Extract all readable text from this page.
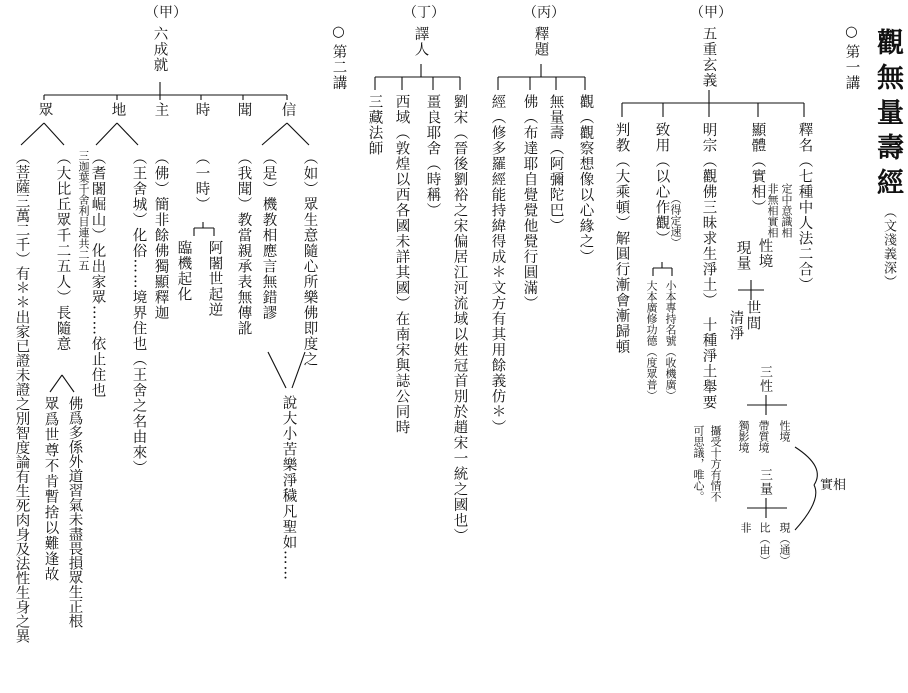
觀無量壽經
（文淺義深）
○
第一講
（甲）
五重玄義
釋名（七種中人法二合）
顯體（實相） 定中意識相
非無相實相
性境
現量
清淨 世間
明宗（觀佛三昧求生淨土）
十種淨土舉要
致用（以心作觀） （得定速）
小本專持名號（收機廣）
大本廣修功德（度眾普）
判教（大乘頓）解圓行漸會漸歸頓
三性
性境
帶質境
獨影境
三量
現（通）
比（由）
非
實相
攝受十方有情不
可思議，唯心。
（丙）
釋題
觀（觀察想像以心緣之）
無量壽（阿彌陀巴）
佛（布達耶自覺覺他覺行圓滿）
經（修多羅經能持緯得成＊文方有其用餘義仿＊）
（丁）
譯人
劉宋（晉後劉裕之宋偏居江河流域以姓冠首別於趙宋一統之國也）
畺良耶舍（時稱）
西域（敦煌以西各國未詳其國）在南宋與誌公同時
三藏法師
○
第二講
（甲）
六成就
信
（如）眾生意隨心所樂佛即度之
（是）機教相應言無錯謬
說大小苦樂淨穢凡聖如……
聞
（我聞）教當親承表無傳訛
時
（一時）
阿闍世起逆
臨機起化
主
（佛）簡非餘佛獨顯釋迦
地
（王舍城）化俗……境界住也（王舍之名由來）
（耆闍崛山）化出家眾……依止住也
眾
（大比丘眾千二五人）長隨意 三迦葉千舍利目連共二五
（菩薩三萬二千）有＊＊出家已證未證之別智度論有生死肉身及法性生身之異	佛爲多係外道習氣未盡畏損眾生正根
眾爲世尊不肯暫捨以難逢故
